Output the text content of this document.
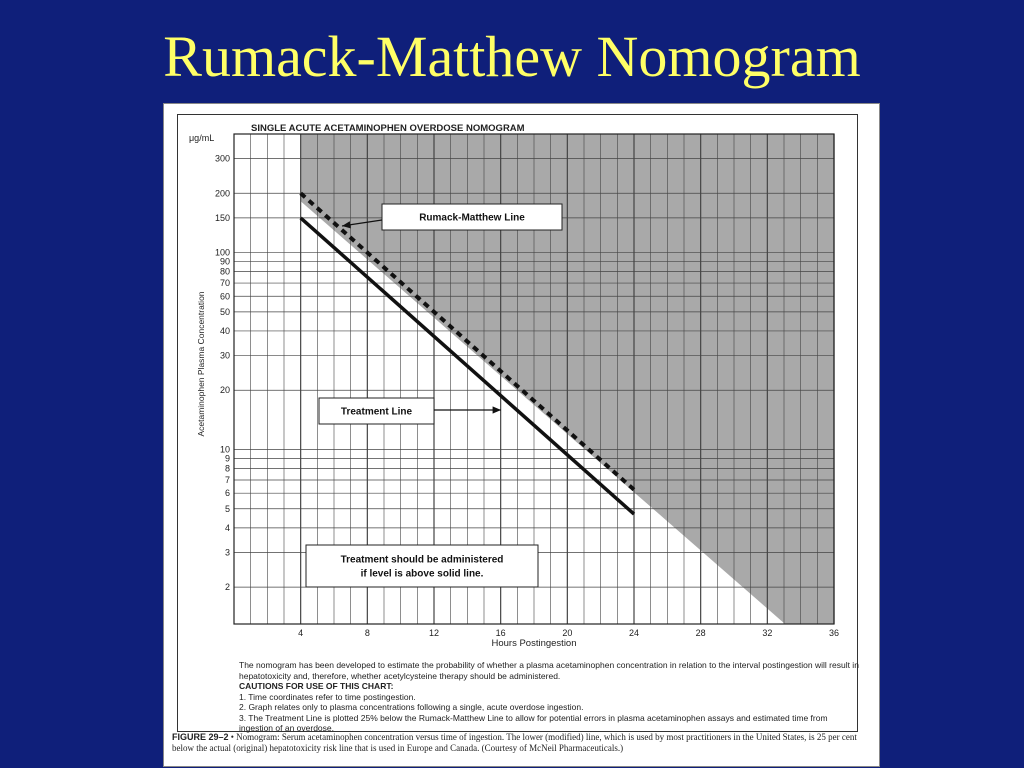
Rumack-Matthew Nomogram
4	8	12	16	20	24	28	32	36
2
3
4
5
6
7
8
9
10
20
30
40
50
60
70
80
90
100
150
200
300
Rumack-Matthew Line
Treatment Line
Treatment should be administered
if level is above solid line.
SINGLE ACUTE ACETAMINOPHEN OVERDOSE NOMOGRAM
μg/mL
Hours Postingestion
Acetaminophen Plasma Concentration
The nomogram has been developed to estimate the probability of whether a plasma acetaminophen concentration in relation to the interval postingestion will result in hepatotoxicity and, therefore, whether acetylcysteine therapy should be administered.
CAUTIONS FOR USE OF THIS CHART:
1. Time coordinates refer to time postingestion.
2. Graph relates only to plasma concentrations following a single, acute overdose ingestion.
3. The Treatment Line is plotted 25% below the Rumack-Matthew Line to allow for potential errors in plasma acetaminophen assays and estimated time from ingestion of an overdose.
FIGURE 29–2 • Nomogram: Serum acetaminophen concentration versus time of ingestion. The lower (modified) line, which is used by most practitioners in the United States, is 25 per cent below the actual (original) hepatotoxicity risk line that is used in Europe and Canada. (Courtesy of McNeil Pharmaceuticals.)
